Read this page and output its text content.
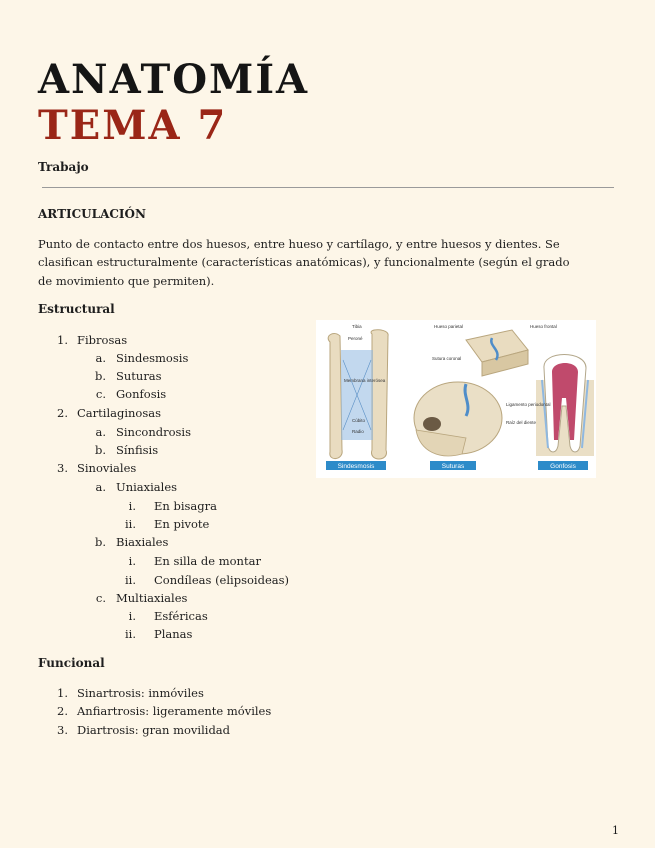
ANATOMÍA
TEMA 7
Trabajo
ARTICULACIÓN

Punto de contacto entre dos huesos, entre hueso y cartílago, y entre huesos y dientes. Se clasifican estructuralmente (características anatómicas), y funcionalmente (según el grado de movimiento que permiten).

Estructural
1. Fibrosas
a. Sindesmosis
b. Suturas
c. Gonfosis
2. Cartilaginosas
a. Sincondrosis
b. Sínfisis
3. Sinoviales
a. Uniaxiales
i. En bisagra
ii. En pivote
b. Biaxiales
i. En silla de montar
ii. Condíleas (elipsoideas)
c. Multiaxiales
i. Esféricas
ii. Planas
Funcional
1. Sinartrosis: inmóviles
2. Anfiartrosis: ligeramente móviles
3. Diartrosis: gran movilidad
Sindesmosis	Suturas	Gonfosis
Tibia
Peroné
Membrana interósea
Cúbito
Radio
Hueso parietal	Hueso frontal
Sutura coronal
Ligamento periodontal
Raíz del diente
1
